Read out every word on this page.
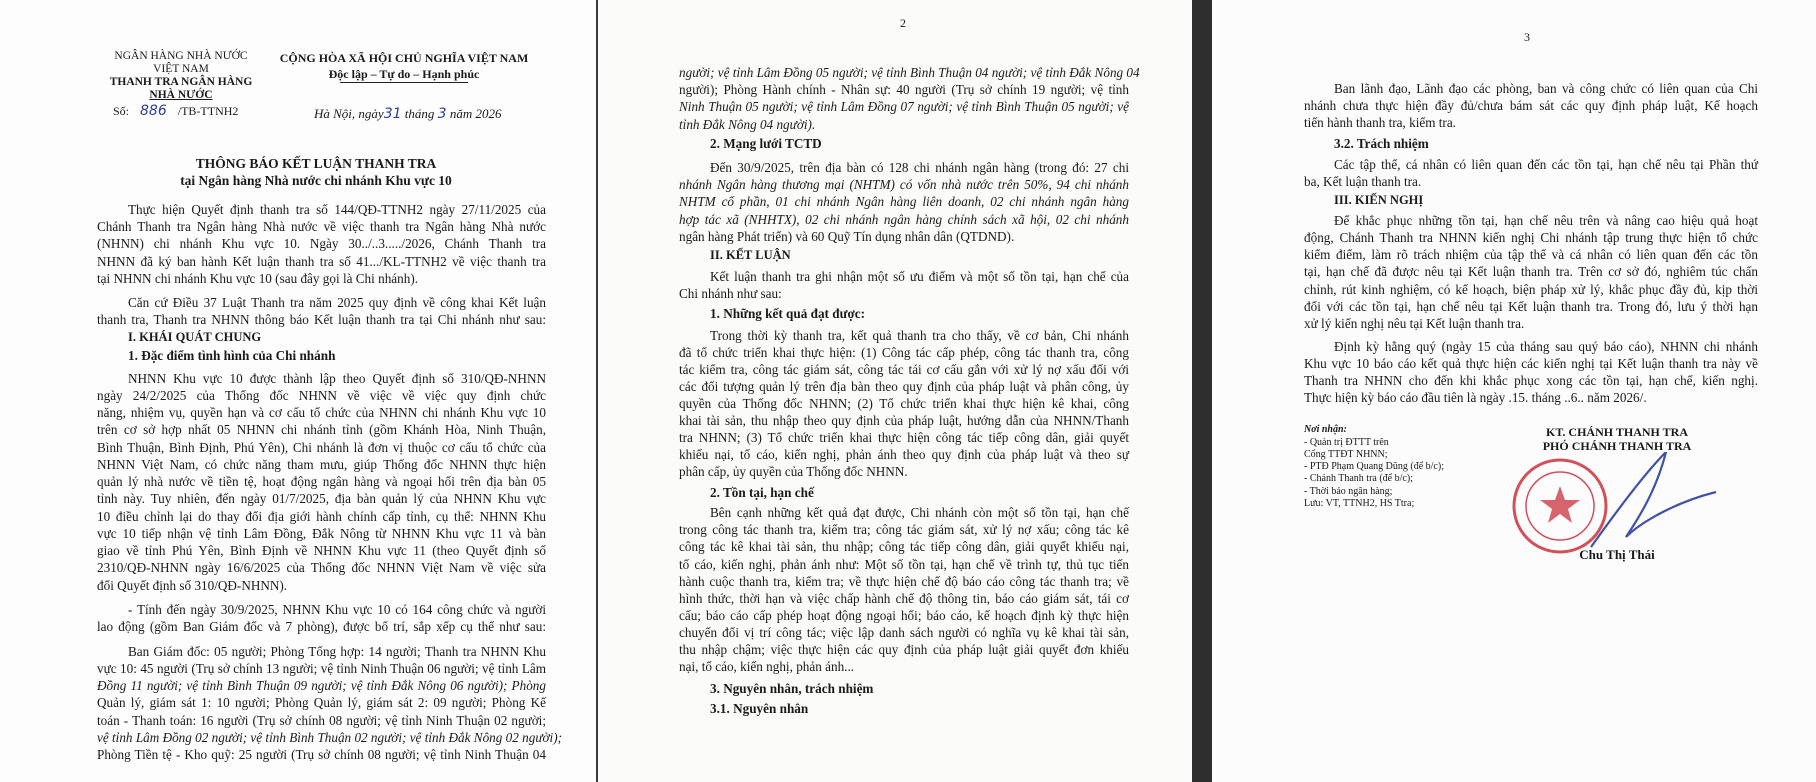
NGÂN HÀNG NHÀ NƯỚC
VIỆT NAM
THANH TRA NGÂN HÀNG
NHÀ NƯỚC
Số: 886 /TB-TTNH2
CỘNG HÒA XÃ HỘI CHỦ NGHĨA VIỆT NAM
Độc lập – Tự do – Hạnh phúc
Hà Nội, ngày31 tháng 3 năm 2026
THÔNG BÁO KẾT LUẬN THANH TRA
tại Ngân hàng Nhà nước chi nhánh Khu vực 10
Thực hiện Quyết định thanh tra số 144/QĐ-TTNH2 ngày 27/11/2025 của
Chánh Thanh tra Ngân hàng Nhà nước về việc thanh tra Ngân hàng Nhà nước
(NHNN) chi nhánh Khu vực 10. Ngày 30../..3...../2026, Chánh Thanh tra
NHNN đã ký ban hành Kết luận thanh tra số 41.../KL-TTNH2 về việc thanh tra
tại NHNN chi nhánh Khu vực 10 (sau đây gọi là Chi nhánh).
Căn cứ Điều 37 Luật Thanh tra năm 2025 quy định về công khai Kết luận
thanh tra, Thanh tra NHNN thông báo Kết luận thanh tra tại Chi nhánh như sau:
I. KHÁI QUÁT CHUNG
1. Đặc điểm tình hình của Chi nhánh
NHNN Khu vực 10 được thành lập theo Quyết định số 310/QĐ-NHNN
ngày 24/2/2025 của Thống đốc NHNN về việc về việc quy định chức
năng, nhiệm vụ, quyền hạn và cơ cấu tổ chức của NHNN chi nhánh Khu vực 10
trên cơ sở hợp nhất 05 NHNN chi nhánh tỉnh (gồm Khánh Hòa, Ninh Thuận,
Bình Thuận, Bình Định, Phú Yên), Chi nhánh là đơn vị thuộc cơ cấu tổ chức của
NHNN Việt Nam, có chức năng tham mưu, giúp Thống đốc NHNN thực hiện
quản lý nhà nước về tiền tệ, hoạt động ngân hàng và ngoại hối trên địa bàn 05
tỉnh này. Tuy nhiên, đến ngày 01/7/2025, địa bàn quản lý của NHNN Khu vực
10 điều chỉnh lại do thay đổi địa giới hành chính cấp tỉnh, cụ thể: NHNN Khu
vực 10 tiếp nhận vệ tỉnh Lâm Đồng, Đắk Nông từ NHNN Khu vực 11 và bàn
giao về tỉnh Phú Yên, Bình Định về NHNN Khu vực 11 (theo Quyết định số
2310/QĐ-NHNN ngày 16/6/2025 của Thống đốc NHNN Việt Nam về việc sửa
đổi Quyết định số 310/QĐ-NHNN).
- Tính đến ngày 30/9/2025, NHNN Khu vực 10 có 164 công chức và người
lao động (gồm Ban Giám đốc và 7 phòng), được bố trí, sắp xếp cụ thể như sau:
Ban Giám đốc: 05 người; Phòng Tổng hợp: 14 người; Thanh tra NHNN Khu
vực 10: 45 người (Trụ sở chính 13 người; vệ tỉnh Ninh Thuận 06 người; vệ tỉnh Lâm
Đồng 11 người; vệ tỉnh Bình Thuận 09 người; vệ tỉnh Đắk Nông 06 người); Phòng
Quản lý, giám sát 1: 10 người; Phòng Quản lý, giám sát 2: 09 người; Phòng Kế
toán - Thanh toán: 16 người (Trụ sở chính 08 người; vệ tỉnh Ninh Thuận 02 người;
vệ tỉnh Lâm Đồng 02 người; vệ tỉnh Bình Thuận 02 người; vệ tỉnh Đắk Nông 02 người);
Phòng Tiền tệ - Kho quỹ: 25 người (Trụ sở chính 08 người; vệ tỉnh Ninh Thuận 04
2
người; vệ tỉnh Lâm Đồng 05 người; vệ tỉnh Bình Thuận 04 người; vệ tỉnh Đắk Nông 04
người); Phòng Hành chính - Nhân sự: 40 người (Trụ sở chính 19 người; vệ tỉnh
Ninh Thuận 05 người; vệ tỉnh Lâm Đồng 07 người; vệ tỉnh Bình Thuận 05 người; vệ
tỉnh Đắk Nông 04 người).
2. Mạng lưới TCTD
Đến 30/9/2025, trên địa bàn có 128 chi nhánh ngân hàng (trong đó: 27 chi
nhánh Ngân hàng thương mại (NHTM) có vốn nhà nước trên 50%, 94 chi nhánh
NHTM cổ phần, 01 chi nhánh Ngân hàng liên doanh, 02 chi nhánh ngân hàng
hợp tác xã (NHHTX), 02 chi nhánh ngân hàng chính sách xã hội, 02 chi nhánh
ngân hàng Phát triển) và 60 Quỹ Tín dụng nhân dân (QTDND).
II. KẾT LUẬN
Kết luận thanh tra ghi nhận một số ưu điểm và một số tồn tại, hạn chế của
Chi nhánh như sau:
1. Những kết quả đạt được:
Trong thời kỳ thanh tra, kết quả thanh tra cho thấy, về cơ bản, Chi nhánh
đã tổ chức triển khai thực hiện: (1) Công tác cấp phép, công tác thanh tra, công
tác kiểm tra, công tác giám sát, công tác tái cơ cấu gắn với xử lý nợ xấu đối với
các đối tượng quản lý trên địa bàn theo quy định của pháp luật và phân công, ủy
quyền của Thống đốc NHNN; (2) Tổ chức triển khai thực hiện kê khai, công
khai tài sản, thu nhập theo quy định của pháp luật, hướng dẫn của NHNN/Thanh
tra NHNN; (3) Tổ chức triển khai thực hiện công tác tiếp công dân, giải quyết
khiếu nại, tố cáo, kiến nghị, phản ánh theo quy định của pháp luật và theo sự
phân cấp, ủy quyền của Thống đốc NHNN.
2. Tồn tại, hạn chế
Bên cạnh những kết quả đạt được, Chi nhánh còn một số tồn tại, hạn chế
trong công tác thanh tra, kiểm tra; công tác giám sát, xử lý nợ xấu; công tác kê
công tác kê khai tài sản, thu nhập; công tác tiếp công dân, giải quyết khiếu nại,
tố cáo, kiến nghị, phản ánh như: Một số tồn tại, hạn chế về trình tự, thủ tục tiến
hành cuộc thanh tra, kiểm tra; về thực hiện chế độ báo cáo công tác thanh tra; về
hình thức, thời hạn và việc chấp hành chế độ thông tin, báo cáo giám sát, tái cơ
cấu; báo cáo cấp phép hoạt động ngoại hối; báo cáo, kế hoạch định kỳ thực hiện
chuyển đổi vị trí công tác; việc lập danh sách người có nghĩa vụ kê khai tài sản,
thu nhập chậm; việc thực hiện các quy định của pháp luật giải quyết đơn khiếu
nại, tố cáo, kiến nghị, phản ánh...
3. Nguyên nhân, trách nhiệm
3.1. Nguyên nhân
3
Ban lãnh đạo, Lãnh đạo các phòng, ban và công chức có liên quan của Chi
nhánh chưa thực hiện đầy đủ/chưa bám sát các quy định pháp luật, Kế hoạch
tiến hành thanh tra, kiểm tra.
3.2. Trách nhiệm
Các tập thể, cá nhân có liên quan đến các tồn tại, hạn chế nêu tại Phần thứ
ba, Kết luận thanh tra.
III. KIẾN NGHỊ
Để khắc phục những tồn tại, hạn chế nêu trên và nâng cao hiệu quả hoạt
động, Chánh Thanh tra NHNN kiến nghị Chi nhánh tập trung thực hiện tổ chức
kiểm điểm, làm rõ trách nhiệm của tập thể và cá nhân có liên quan đến các tồn
tại, hạn chế đã được nêu tại Kết luận thanh tra. Trên cơ sở đó, nghiêm túc chấn
chỉnh, rút kinh nghiệm, có kế hoạch, biện pháp xử lý, khắc phục đầy đủ, kịp thời
đối với các tồn tại, hạn chế nêu tại Kết luận thanh tra. Trong đó, lưu ý thời hạn
xử lý kiến nghị nêu tại Kết luận thanh tra.
Định kỳ hằng quý (ngày 15 của tháng sau quý báo cáo), NHNN chi nhánh
Khu vực 10 báo cáo kết quả thực hiện các kiến nghị tại Kết luận thanh tra này về
Thanh tra NHNN cho đến khi khắc phục xong các tồn tại, hạn chế, kiến nghị.
Thực hiện kỳ báo cáo đầu tiên là ngày .15. tháng ..6.. năm 2026/.
Nơi nhận:
- Quản trị ĐTTT trên
Cổng TTĐT NHNN;
- PTĐ Phạm Quang Dũng (để b/c);
- Chánh Thanh tra (để b/c);
- Thời báo ngân hàng;
Lưu: VT, TTNH2, HS Ttra;
KT. CHÁNH THANH TRA
PHÓ CHÁNH THANH TRA
Chu Thị Thái
